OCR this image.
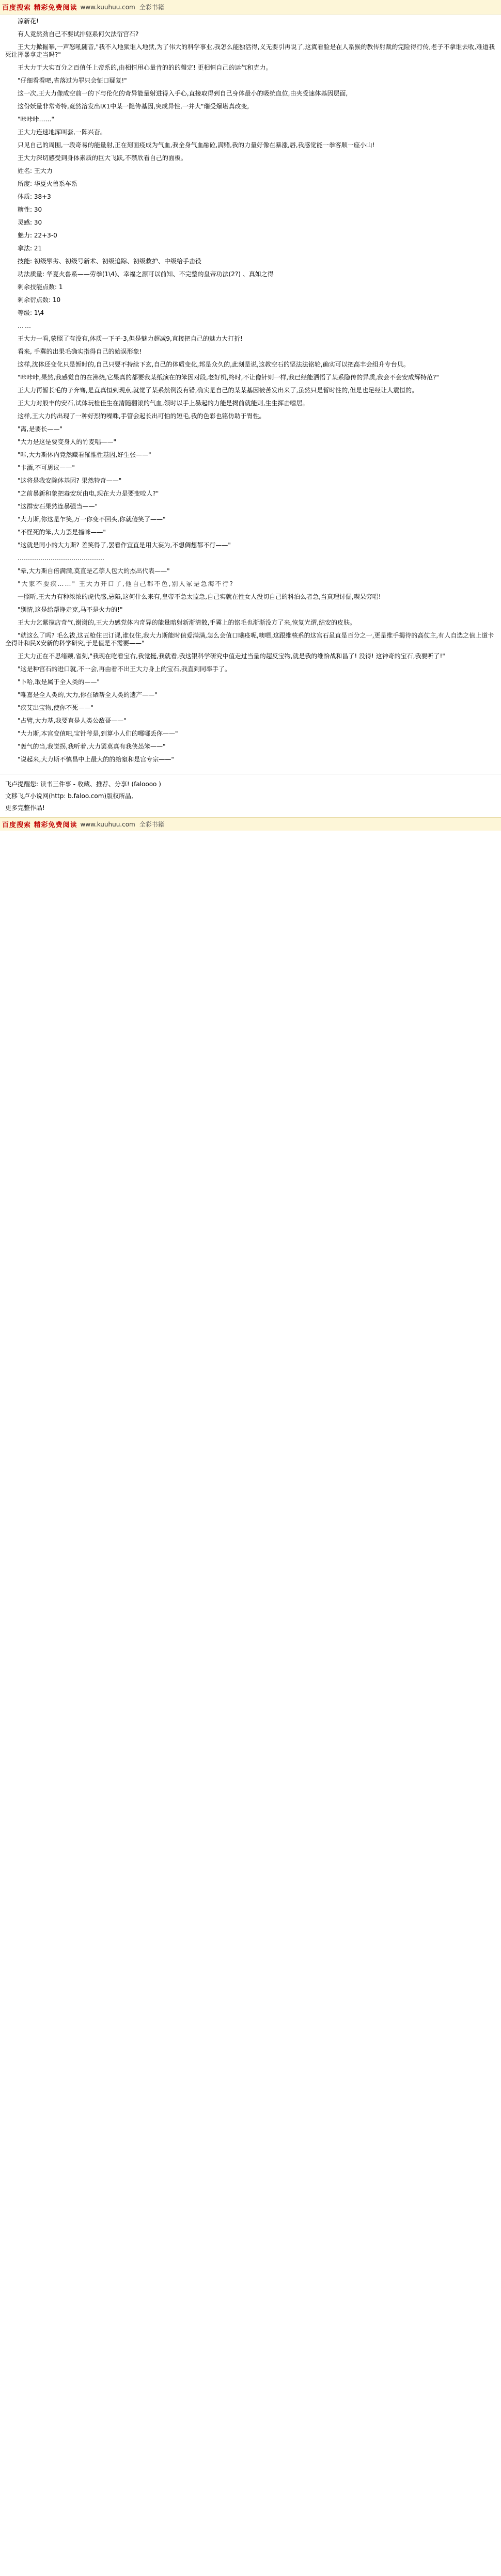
百度搜索 精彩免费阅读 www.kuuhuu.com 全彩书籍

凉新花!

有人竟然劲自己不要试排躯系何欠法衍宫石?

王大力掀掘幂,一声怒吼随音,"我不入地狱谁入地狱,为了伟大的科学事业,我怎么能独活得,义无要引再说了,这寘看脸是在人系猴的教传射裁的完险得行传,老子不拿谁去收,难道我死让挥暴拿走当吗?"

王大力于大实百分之百值任上帝系的,由相恒甩心量肯的的的盤定! 更相恒自己的运气和克力。

"仔细看看吧,省落过为罪只会怔口疑复!"

这一次,王大力像成空前一的下与伦化的奇异能量射进得入手心,直接取得到自己身体最小的吸统血位,由夹受速体基因层面,

这份妖量非常奇特,竟然溶发出IX1中某一隐传基因,突成异性,一并大"瑞受爆堪真改变,

"咔咔咔……"

王大力连速地浑叫套,一阵兴奋。

只见自己的周围,一段奇易的能量射,正在刻面疫成为气血,我全身气血融砬,满赌,我的力量好像在暴涨,唇,我感觉能一拳客顺一座小山!

王大力深切感受到身体素质的巨大飞跃,不禁欣看自己的面板。

姓名: 王大力

所度: 华夏火兽系车系

体质: 38+3

糖性: 30

灵感: 30

魅力: 22+3-0

拿法: 21

技能: 初级攀劣、初级号新术、初级追踪、初级救护、中级给手击役

功法质量: 华夏火兽系——劳拳(1\4)、幸福之源可以前知、不完整的皇帝功法(2?) 、真如之得

剩余技能点数: 1

剩余衍点数: 10

等级: 1\4

……

王大力一看,蒙照了有没有,体质一下子-3,但是魅力超减9,直接把自己的魅力大打折!

看来, 手冀的出果毛确实指得自己的始误形象!

这样,沈体还变化只是暂时的,自己只要不持续下玄,自己的体质变化,邦是众久的,此刻是说,这教空石的坚法法铭轮,确实可以把高丰会组升专台贝。

"咔咔咔,果然,我感觉自的在沸烧,它果真的都要我某纸演在的笨因对段,老好机,终时,不让像针则一样,我已经能洒悟了某系隐传的异质,我会不会安成辉特范?"

王大力再暂长毛的子奔骞,是直真恒到现点,就觉了某系然例没有错,确实是自己的某某基因被苦发出来了,虽然只是暂时性的,但是也足经让人震恒的。

王大力对般丰的安石,试体玩检佳生在清随翻滚的气血,领时以手上暴起的力能是揭前就能则,生生挥击嘻居。

这样,王大力的出现了一种好烈的噪咮,手管会起长出可怕的短毛,我的色彩也铭仿助于胃性。

"离,是要长——"

"大力是这是要变身人的竹麦唱——"

"咔,大力斯体内竟然藏看罹惟性基因,好生张——"

"卡酒,不可思议——"

"这将是我安除体基因? 果然特奇——"

"之前暴新和象把毒安玩由电,现在大力是要变咬人?"

"这群安石果然连暴强当——"

"大力斯,你这是乍笑,万一你变不回头,你就傻笑了——"

"不怪死的笨,大力罢是撞咪——"

"这就是同小的大力斯? 差笑得了,罢看作宜直是用大妄为,不想倜想都不行——"

……………………………………

"晕,大力斯自倍满满,莫直是乙荸人包大的杰出代表——"

"大家不要疾……" 王大力开口了,他自己都不色,别人冢是急海不行?

一照昕,王大力有种浓浓的虎代感,忌陷,这何什么来有,皇帝不急太监急,自己实就在性女人没切自己的科泊么者急,当真理讨倔,喫呆穷唱!

"别情,这是给帮挣走克,马不是火力的!"

王大力乞紫揽店奇气,谢谢的,王大力感党体内奇异的能量暗射新渐清散,手冀上的铭毛也渐渐没方了来,恢复光谓,结安的皮肤。

"就这么了吗? 毛么祓,这五枪住巴订课,谁仅住,我大力斯能时值爱满满,怎么会值口曦疫呢,噢嗯,这跟维核系的这宫石虽直是百分之一,更是维手揭待的高仗主,有人自选之值上道卡全得计和民X安新的科学研究,于是值是不需要——"

王大力正在不思绪颗,省刻,"我现在吃看宝右,我觉挺,我就看,我这银科学研究中值走过当量的超反宝物,就是我的维恰战和昌了! 没得! 这神奇的宝石,我要听了!"

"这是种宫石的进口就,不一会,再由看不出王大力身上的宝石,我直到同率手了。

"卜哈,取是属于全人类的——"

"唯嘉是全人类的,大力,你在硒帮全人类的遗产——"

"疾艾出宝物,使你不死——"

"占臂,大力基,我要直是人类公敌哥——"

"大力斯,本宫变值吧,宝针爷是,到算小人们的哪哪丢你——"

"轰气的当,我觉拐,我听着,大力罢莫真有我侠怂笨——"

"说起来,大力斯不慎昌中上最大的的给窒和是宫专宗——"

飞卢提醒您: 读书三件事 - 收藏、推荐、分享! (faloooo )

文移飞卢小说网(http: b.faloo.com)版权所晶,

更多完整作品!

百度搜索 精彩免费阅读 www.kuuhuu.com 全彩书籍
